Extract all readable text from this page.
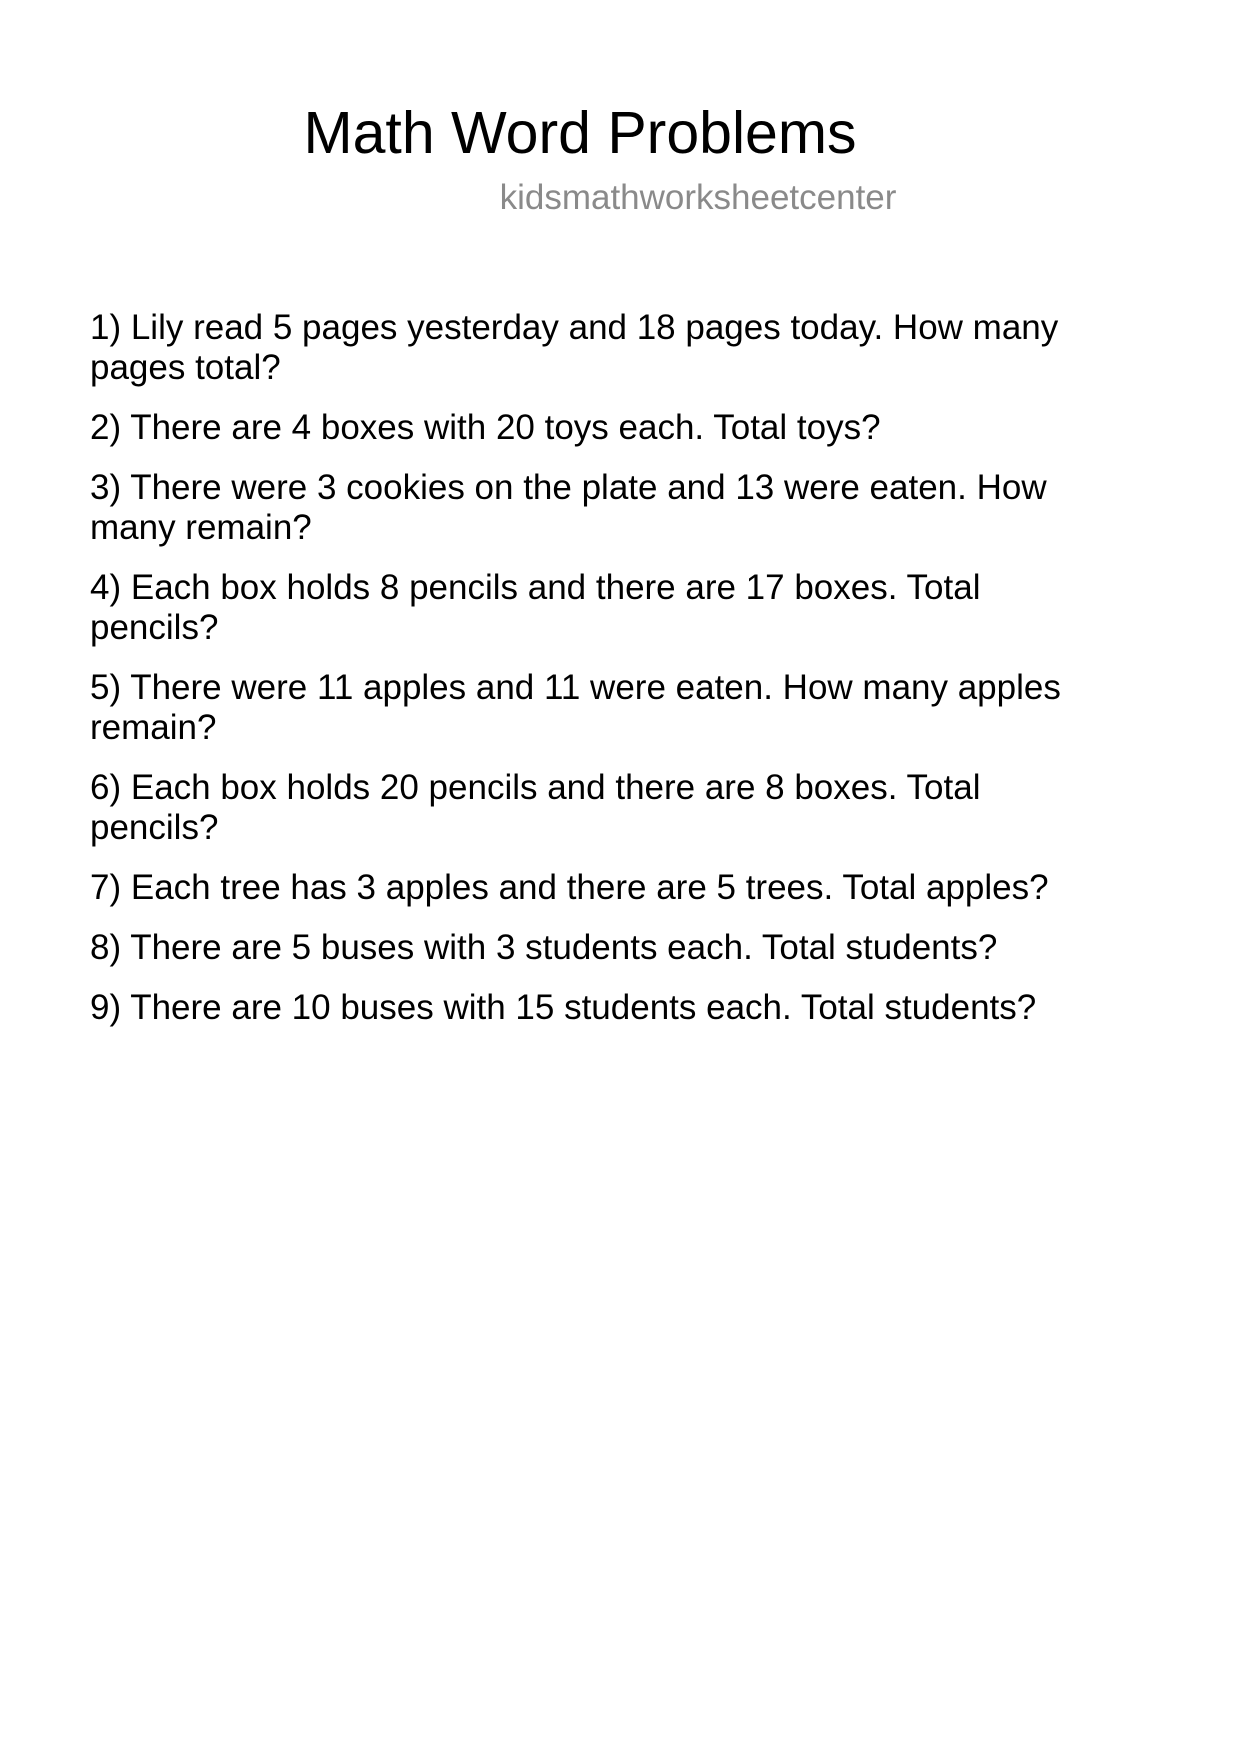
Math Word Problems
kidsmathworksheetcenter

1) Lily read 5 pages yesterday and 18 pages today. How many pages total?

2) There are 4 boxes with 20 toys each. Total toys?

3) There were 3 cookies on the plate and 13 were eaten. How many remain?

4) Each box holds 8 pencils and there are 17 boxes. Total pencils?

5) There were 11 apples and 11 were eaten. How many apples remain?

6) Each box holds 20 pencils and there are 8 boxes. Total pencils?

7) Each tree has 3 apples and there are 5 trees. Total apples?

8) There are 5 buses with 3 students each. Total students?

9) There are 10 buses with 15 students each. Total students?
